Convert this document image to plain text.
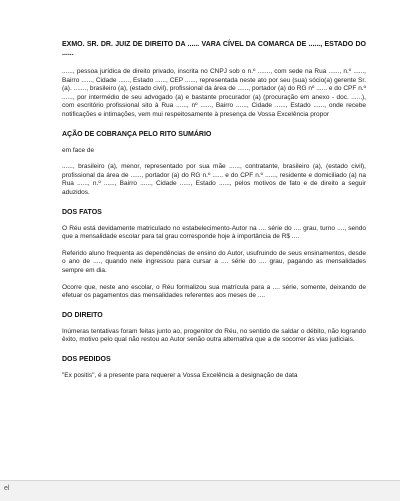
EXMO. SR. DR. JUIZ DE DIREITO DA ...... VARA CÍVEL DA COMARCA DE ......, ESTADO DO ......

......, pessoa jurídica de direito privado, inscrita no CNPJ sob o n.º ......., com sede na Rua ......, n.º ......, Bairro ......, Cidade ......, Estado ......, CEP ......, representada neste ato por seu (sua) sócio(a) gerente Sr. (a). ......., brasileiro (a), (estado civil), profissional da área de ......, portador (a) do RG nº ...... e do CPF n.º ......, por intermédio de seu advogado (a) e bastante procurador (a) (procuração em anexo - doc. ......), com escritório profissional sito à Rua ......, nº ......, Bairro ......, Cidade ......, Estado ......, onde recebe notificações e intimações, vem mui respeitosamente à presença de Vossa Excelência propor

AÇÃO DE COBRANÇA PELO RITO SUMÁRIO

em face de

......, brasileiro (a), menor, representado por sua mãe ......, contratante, brasileiro (a), (estado civil), profissional da área de ......, portador (a) do RG n.º ...... e do CPF n.º ......, residente e domiciliado (a) na Rua ......, n.º ......, Bairro ......, Cidade ......, Estado ......, pelos motivos de fato e de direito a seguir aduzidos.

DOS FATOS

O Réu está devidamente matriculado no estabelecimento-Autor na .... série do .... grau, turno ...., sendo que a mensalidade escolar para tal grau corresponde hoje à importância de R$ ....

Referido aluno frequenta as dependências de ensino do Autor, usufruindo de seus ensinamentos, desde o ano de ...., quando nele ingressou para cursar a .... série do .... grau, pagando as mensalidades sempre em dia.

Ocorre que, neste ano escolar, o Réu formalizou sua matrícula para a .... série, somente, deixando de efetuar os pagamentos das mensalidades referentes aos meses de ....

DO DIREITO

Inúmeras tentativas foram feitas junto ao, progenitor do Réu, no sentido de saldar o débito, não logrando êxito, motivo pelo qual não restou ao Autor senão outra alternativa que a de socorrer às vias judiciais.

DOS PEDIDOS

"Ex positis", é a presente para requerer a Vossa Excelência a designação de data

el
